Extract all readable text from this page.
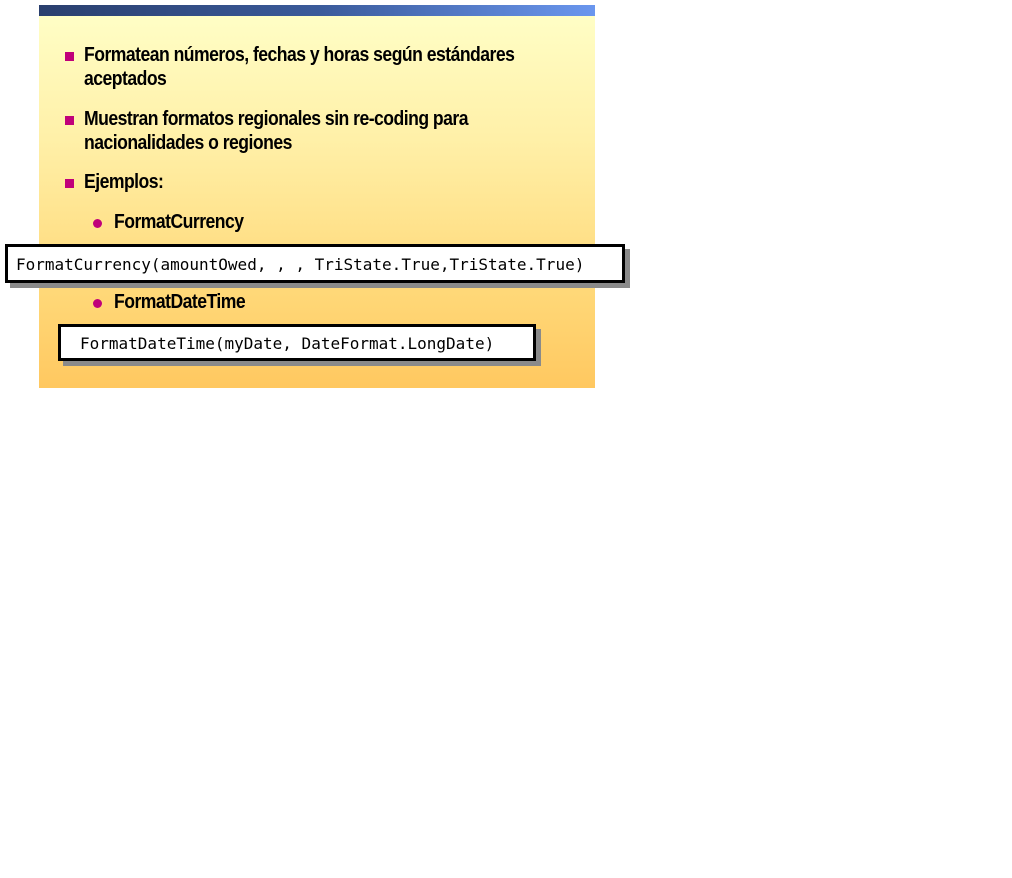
Formatean números, fechas y horas según estándares
aceptados
Muestran formatos regionales sin re-coding para
nacionalidades o regiones
Ejemplos:
FormatCurrency
FormatDateTime
FormatCurrency(amountOwed, , , TriState.True,TriState.True)
FormatDateTime(myDate, DateFormat.LongDate)
